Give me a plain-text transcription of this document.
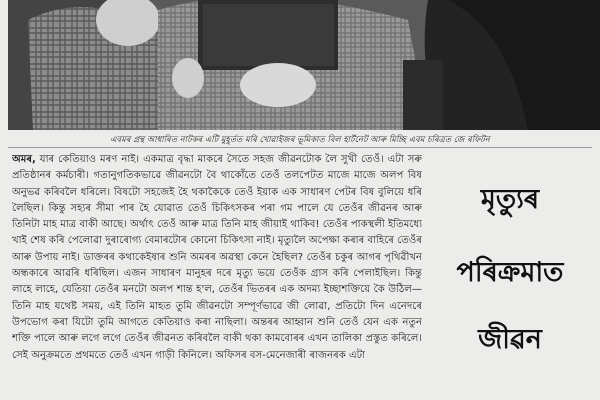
এবমৰ গ্ৰন্থ আধাৰিত নাটকৰ এটি মুহূৰ্তত মৰি খোৱাইজৰ ভূমিকাত বিল হাৰ্টনেট আৰু মিচ্ছি এবম চৰিত্ৰত জে ৰফিটন

অমৰ, যাৰ কেতিয়াও মৰণ নাই। একমাত্ৰ বৃদ্ধা মাকৰে সৈতে সহজ জীৱনটোক লৈ সুখী তেওঁ। এটা সৰু প্ৰতিষ্ঠানৰ কৰ্মচাৰী। গতানুগতিকভাৱে জীৱনটো বৈ থাকোঁতে তেওঁ তলপেটত মাজে মাজে অলপ বিষ অনুভৱ কৰিবলৈ ধৰিলে। বিষটো সহজেই হৈ থকাকৈকে তেওঁ ইয়াক এক সাধাৰণ পেটৰ বিষ বুলিয়ে ধৰি লৈছিল। কিন্তু সহ্যৰ সীমা পাৰ হৈ যোৱাত তেওঁ চিকিৎসকৰ পৰা গম পালে যে তেওঁৰ জীৱনৰ আৰু তিনিটা মাহ মাত্ৰ বাকী আছে। অৰ্থাৎ তেওঁ আৰু মাত্ৰ তিনি মাহ জীয়াই থাকিব! তেওঁৰ পাকস্থলী ইতিমধ্যে খাই শেষ কৰি পেলোৱা দুৰাৰোগ্য বেমাৰটোৰ কোনো চিকিৎসা নাই। মৃত্যুলৈ অপেক্ষা কৰাৰ বাহিৰে তেওঁৰ আৰু উপায় নাই। ডাক্তৰৰ কথাকেইষাৰ শুনি অমৰৰ অৱস্থা কেনে হৈছিল? তেওঁৰ চকুৰ আগৰ পৃথিৱীখন অন্ধকাৰে আৱৰি ধৰিছিল। এজন সাধাৰণ মানুহৰ দৰে মৃত্যু ভয়ে তেওঁক গ্ৰাস কৰি পেলাইছিল। কিন্তু লাহে লাহে, যেতিয়া তেওঁৰ মনটো অলপ শান্ত হ'ল, তেওঁৰ ভিতৰৰ এক অদম্য ইচ্ছাশক্তিয়ে কৈ উঠিল— তিনি মাহ যথেষ্ট সময়, এই তিনি মাহত তুমি জীৱনটো সম্পূৰ্ণভাৱে জী লোৱা, প্ৰতিটো দিন এনেদৰে উপভোগ কৰা যিটো তুমি আগতে কেতিয়াও কৰা নাছিলা। অন্তৰৰ আহ্বান শুনি তেওঁ যেন এক নতুন শক্তি পালে আৰু লগে লগে তেওঁৰ জীৱনত কৰিবলৈ বাকী থকা কামবোৰৰ এখন তালিকা প্ৰস্তুত কৰিলে। সেই অনুক্ৰমতে প্ৰথমতে তেওঁ এখন গাড়ী কিনিলে। অফিসৰ বস-মেনেজাৰী ৰাজনৰক এটা

মৃত্যুৰ
পৰিক্ৰমাত
জীৱন
